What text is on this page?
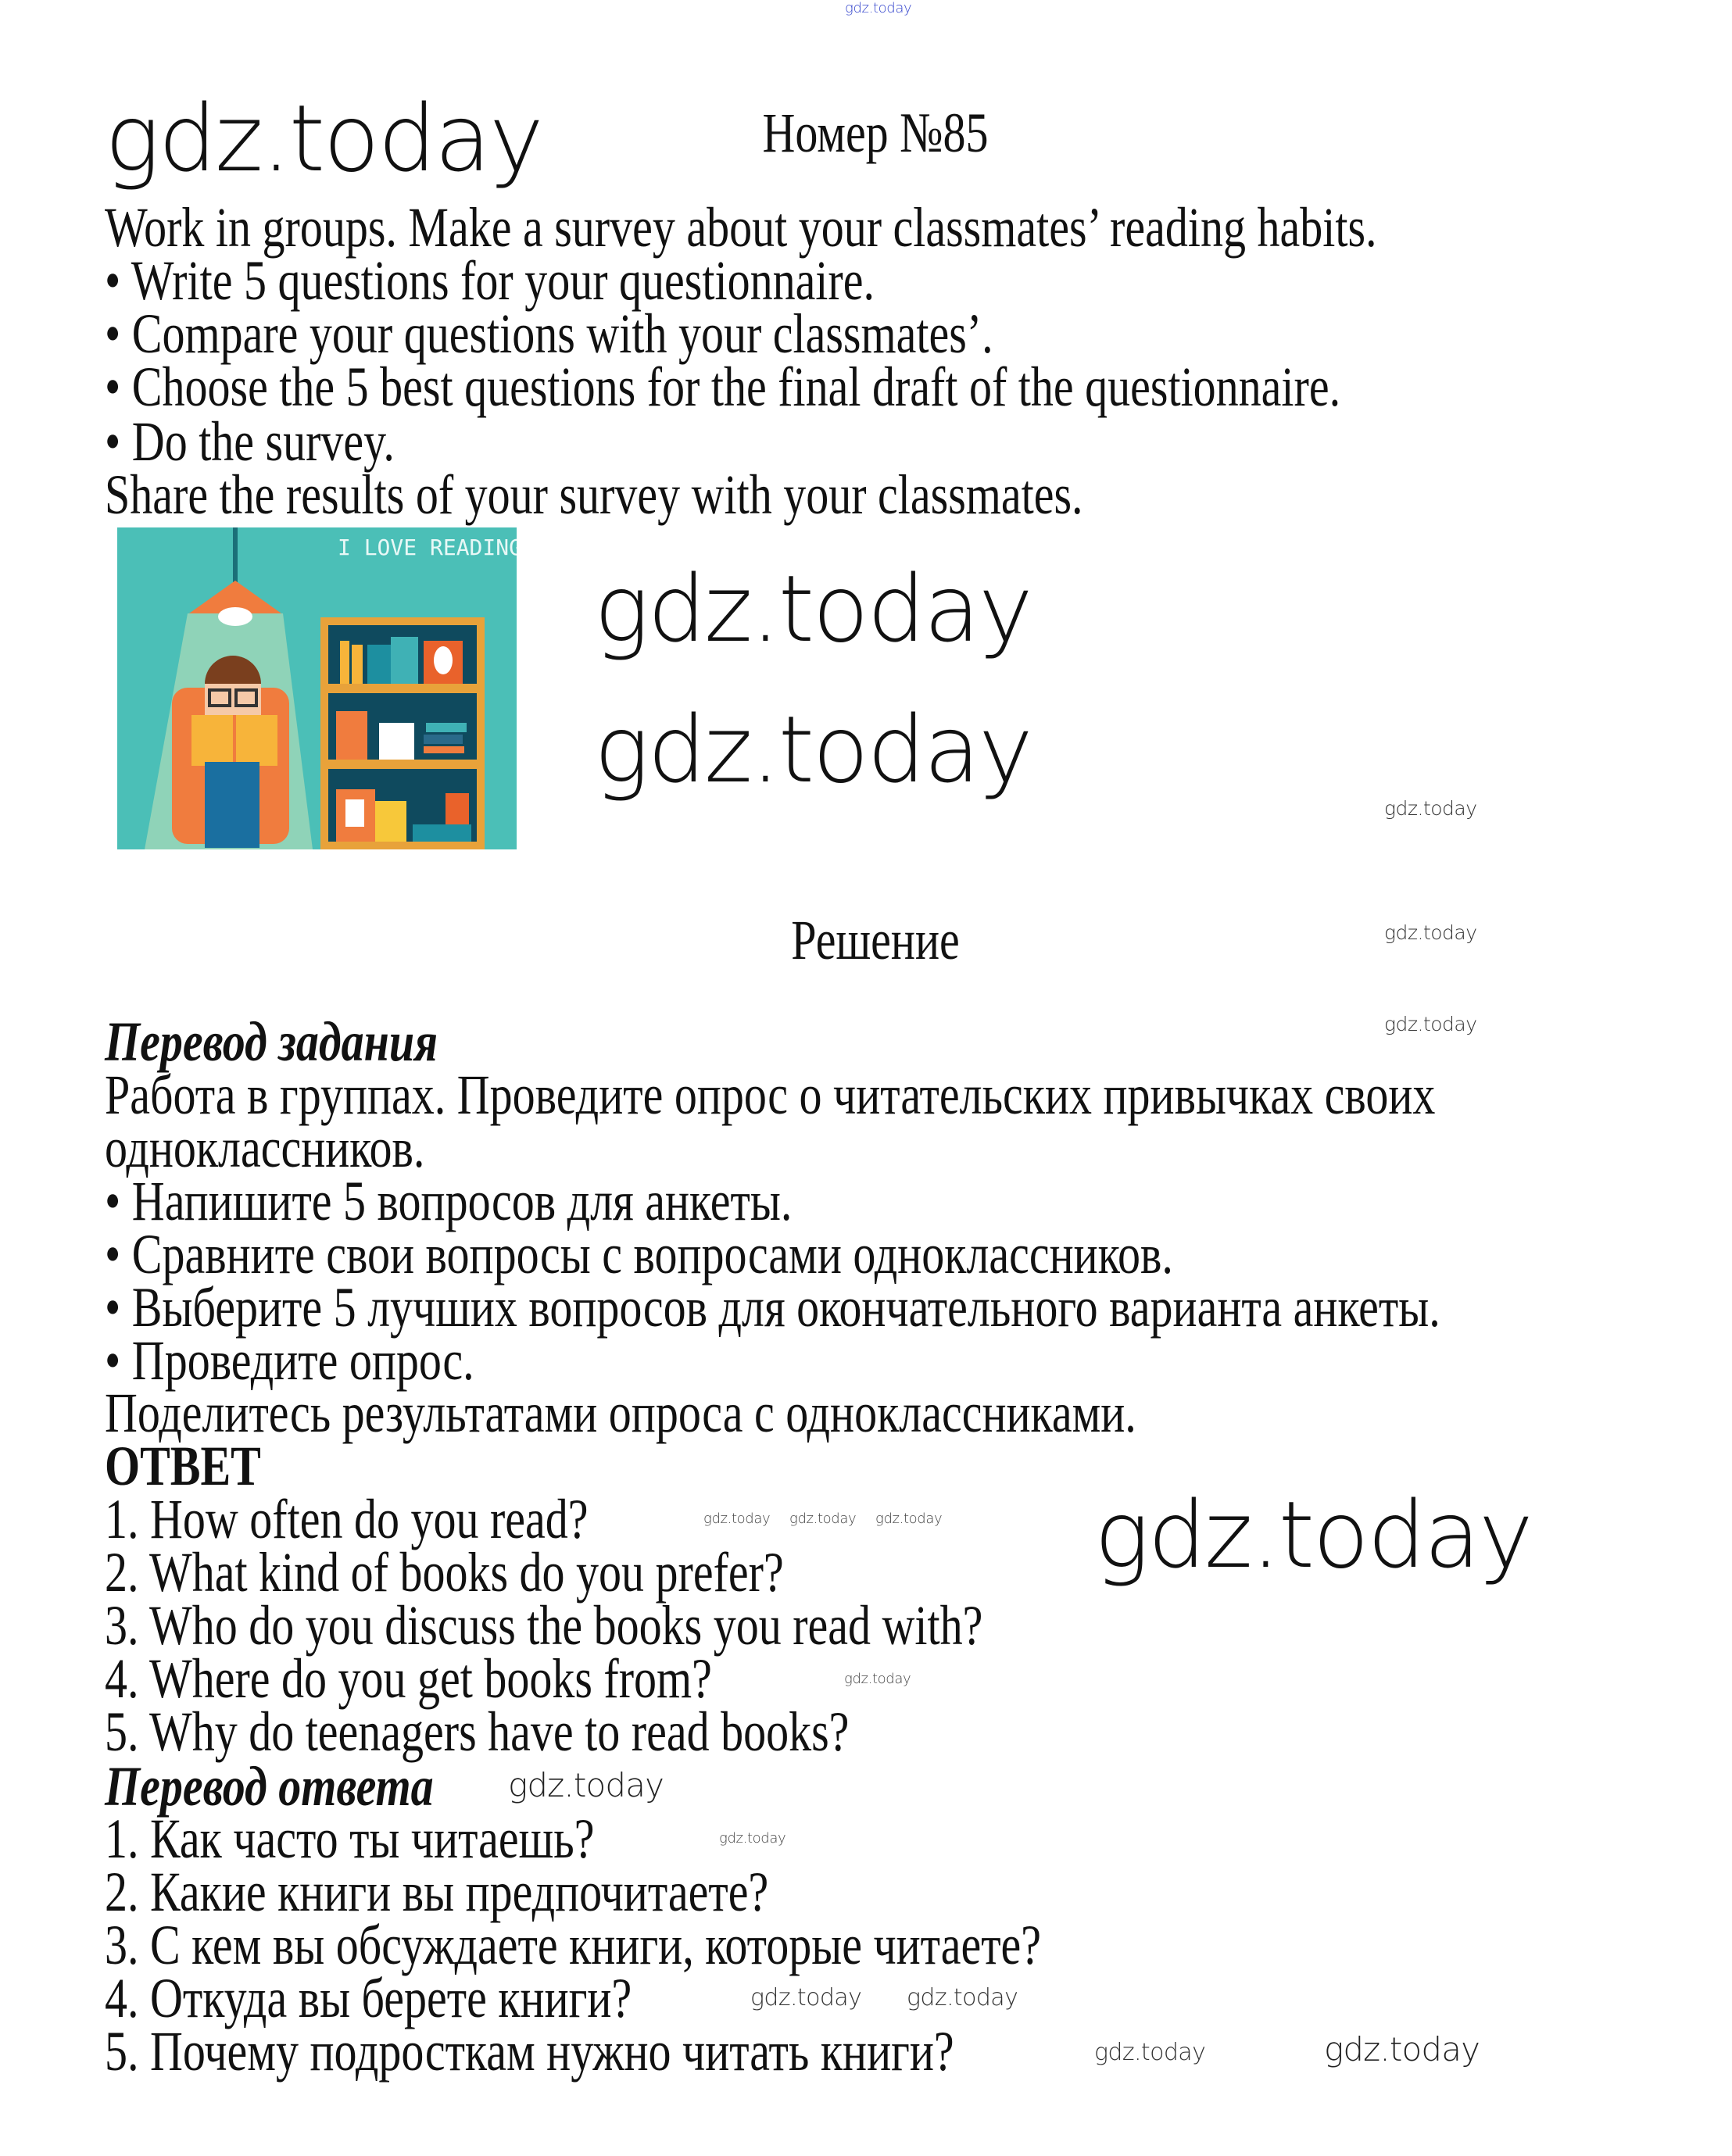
gdz.today
gdz.today
gdz.today
gdz.today
gdz.today
gdz.today
gdz.today
gdz.today
gdz.today gdz.today gdz.today
gdz.today
gdz.today
gdz.today
gdz.today
gdz.today gdz.today
gdz.today
Номер №85
Work in groups. Make a survey about your classmates’ reading habits.
• Write 5 questions for your questionnaire.
• Compare your questions with your classmates’.
• Choose the 5 best questions for the final draft of the questionnaire.
• Do the survey.
Share the results of your survey with your classmates.
I LOVE READING
Решение
Перевод задания
Работа в группах. Проведите опрос о читательских привычках своих
одноклассников.
• Напишите 5 вопросов для анкеты.
• Сравните свои вопросы с вопросами одноклассников.
• Выберите 5 лучших вопросов для окончательного варианта анкеты.
• Проведите опрос.
Поделитесь результатами опроса с одноклассниками.
ОТВЕТ
1. How often do you read?
2. What kind of books do you prefer?
3. Who do you discuss the books you read with?
4. Where do you get books from?
5. Why do teenagers have to read books?
Перевод ответа
1. Как часто ты читаешь?
2. Какие книги вы предпочитаете?
3. С кем вы обсуждаете книги, которые читаете?
4. Откуда вы берете книги?
5. Почему подросткам нужно читать книги?
